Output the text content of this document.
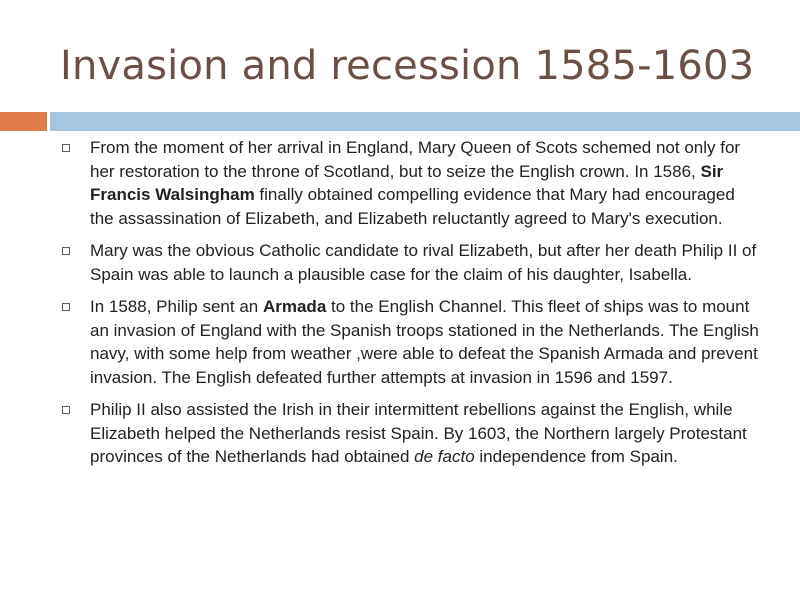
Invasion and recession 1585-1603
From the moment of her arrival in England, Mary Queen of Scots schemed not only for her restoration to the throne of Scotland, but to seize the English crown. In 1586, Sir Francis Walsingham finally obtained compelling evidence that Mary had encouraged the assassination of Elizabeth, and Elizabeth reluctantly agreed to Mary's execution.
Mary was the obvious Catholic candidate to rival Elizabeth, but after her death Philip II of Spain was able to launch a plausible case for the claim of his daughter, Isabella.
In 1588, Philip sent an Armada to the English Channel. This fleet of ships was to mount an invasion of England with the Spanish troops stationed in the Netherlands. The English navy, with some help from weather ,were able to defeat the Spanish Armada and prevent invasion. The English defeated further attempts at invasion in 1596 and 1597.
Philip II also assisted the Irish in their intermittent rebellions against the English, while Elizabeth helped the Netherlands resist Spain. By 1603, the Northern largely Protestant provinces of the Netherlands had obtained de facto independence from Spain.
